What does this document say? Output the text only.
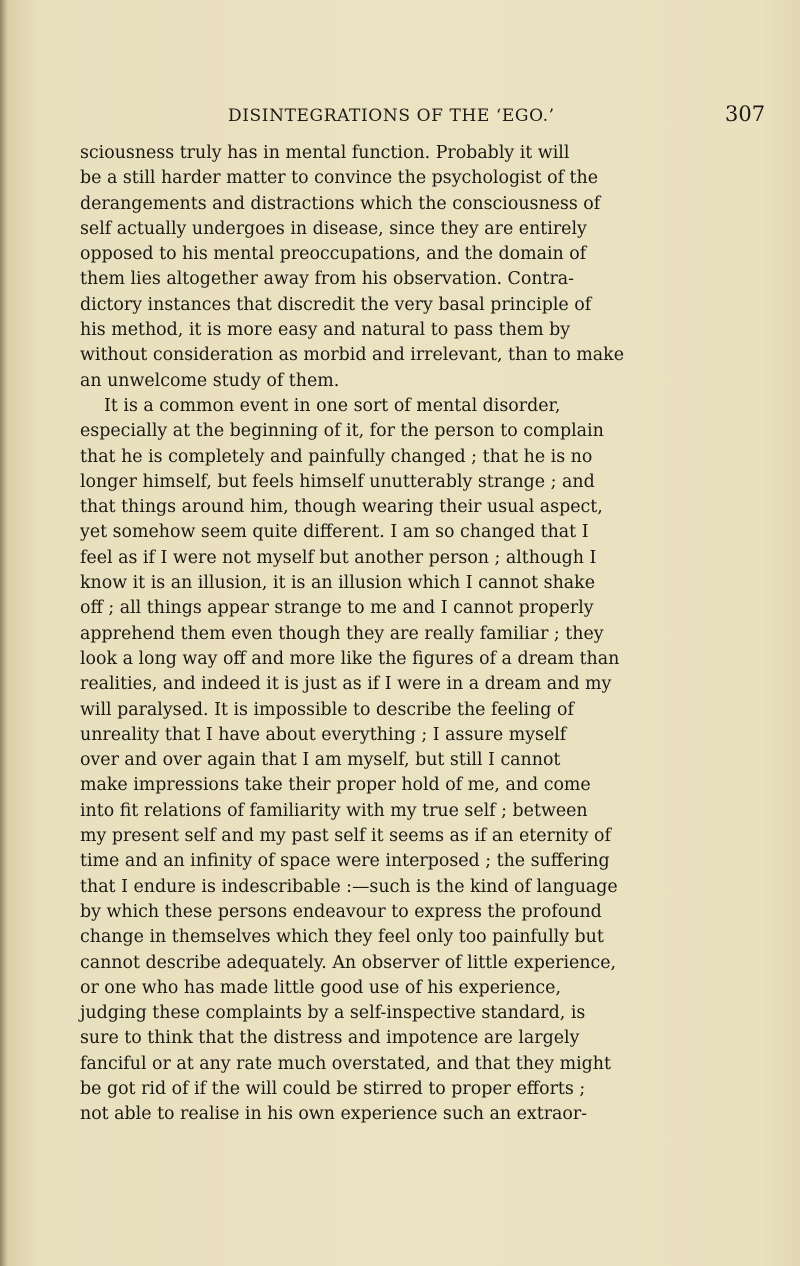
DISINTEGRATIONS OF THE ‘EGO.’	307
sciousness truly has in mental function. Probably it will
be a still harder matter to convince the psychologist of the
derangements and distractions which the consciousness of
self actually undergoes in disease, since they are entirely
opposed to his mental preoccupations, and the domain of
them lies altogether away from his observation. Contra-
dictory instances that discredit the very basal principle of
his method, it is more easy and natural to pass them by
without consideration as morbid and irrelevant, than to make
an unwelcome study of them.
It is a common event in one sort of mental disorder,
especially at the beginning of it, for the person to complain
that he is completely and painfully changed ; that he is no
longer himself, but feels himself unutterably strange ; and
that things around him, though wearing their usual aspect,
yet somehow seem quite different. I am so changed that I
feel as if I were not myself but another person ; although I
know it is an illusion, it is an illusion which I cannot shake
off ; all things appear strange to me and I cannot properly
apprehend them even though they are really familiar ; they
look a long way off and more like the figures of a dream than
realities, and indeed it is just as if I were in a dream and my
will paralysed. It is impossible to describe the feeling of
unreality that I have about everything ; I assure myself
over and over again that I am myself, but still I cannot
make impressions take their proper hold of me, and come
into fit relations of familiarity with my true self ; between
my present self and my past self it seems as if an eternity of
time and an infinity of space were interposed ; the suffering
that I endure is indescribable :—such is the kind of language
by which these persons endeavour to express the profound
change in themselves which they feel only too painfully but
cannot describe adequately. An observer of little experience,
or one who has made little good use of his experience,
judging these complaints by a self-inspective standard, is
sure to think that the distress and impotence are largely
fanciful or at any rate much overstated, and that they might
be got rid of if the will could be stirred to proper efforts ;
not able to realise in his own experience such an extraor-
